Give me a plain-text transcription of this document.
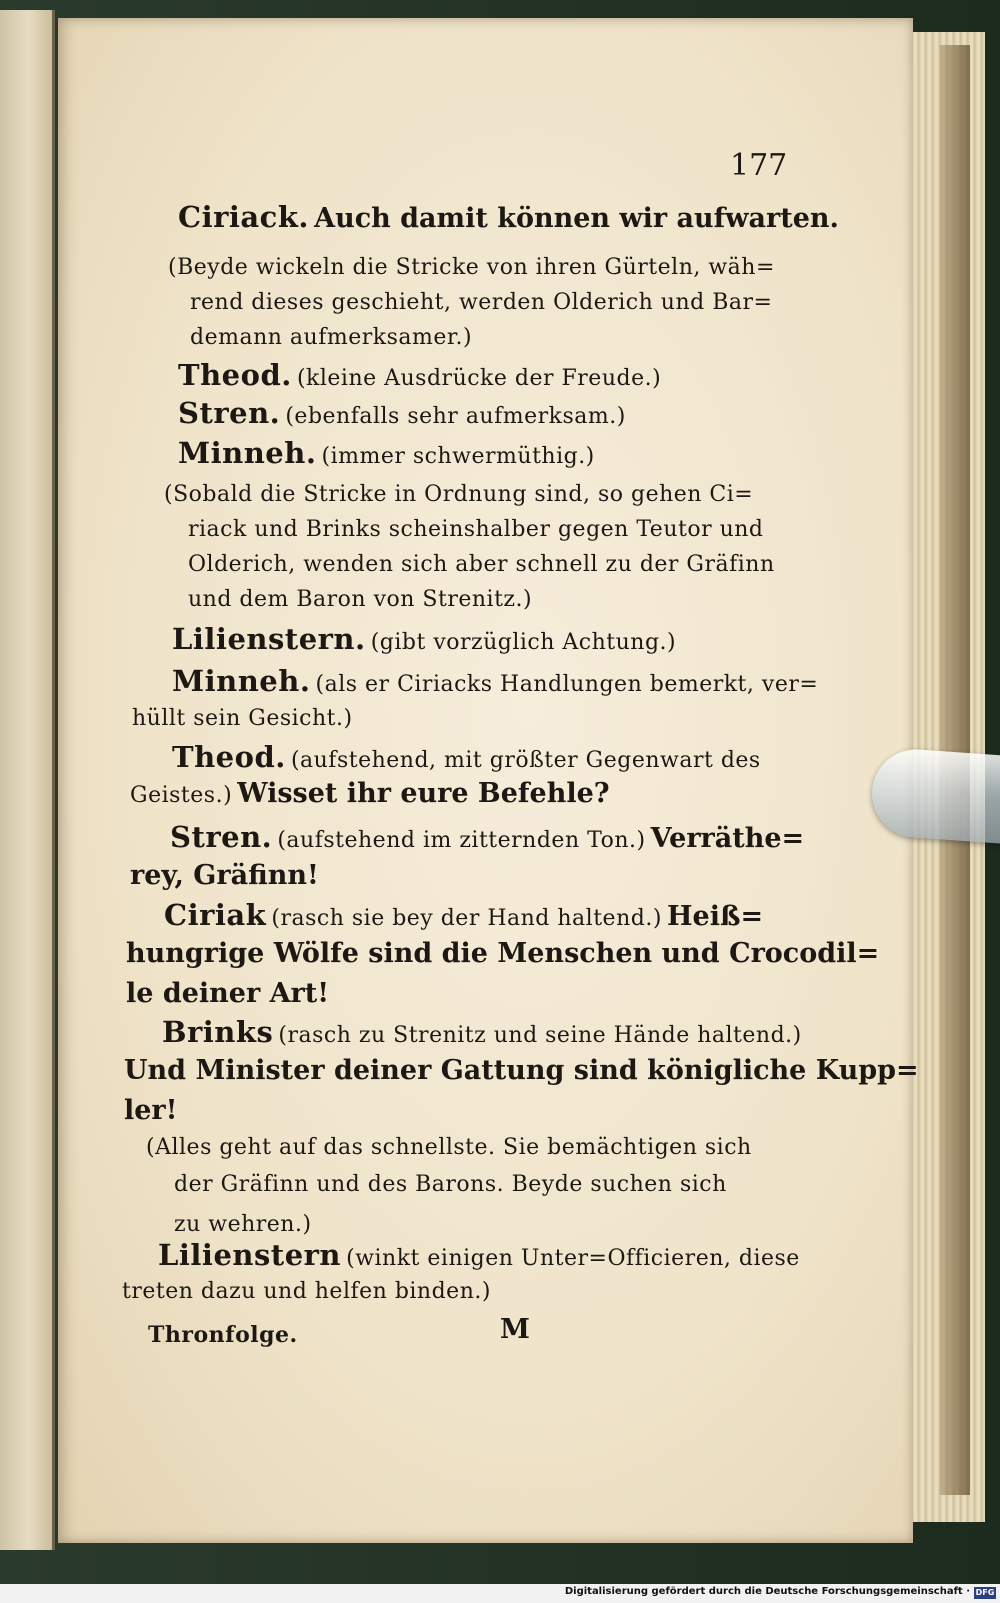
177
Ciriack. Auch damit können wir aufwarten.
(Beyde wickeln die Stricke von ihren Gürteln, wäh=
rend dieses geschieht, werden Olderich und Bar=
demann aufmerksamer.)
Theod. (kleine Ausdrücke der Freude.)
Stren. (ebenfalls sehr aufmerksam.)
Minneh. (immer schwermüthig.)
(Sobald die Stricke in Ordnung sind, so gehen Ci=
riack und Brinks scheinshalber gegen Teutor und
Olderich, wenden sich aber schnell zu der Gräfinn
und dem Baron von Strenitz.)
Lilienstern. (gibt vorzüglich Achtung.)
Minneh. (als er Ciriacks Handlungen bemerkt, ver=
hüllt sein Gesicht.)
Theod. (aufstehend, mit größter Gegenwart des
Geistes.) Wisset ihr eure Befehle?
Stren. (aufstehend im zitternden Ton.) Verräthe=
rey, Gräfinn!
Ciriak (rasch sie bey der Hand haltend.) Heiß=
hungrige Wölfe sind die Menschen und Crocodil=
le deiner Art!
Brinks (rasch zu Strenitz und seine Hände haltend.)
Und Minister deiner Gattung sind königliche Kupp=
ler!
(Alles geht auf das schnellste. Sie bemächtigen sich
der Gräfinn und des Barons. Beyde suchen sich
zu wehren.)
Lilienstern (winkt einigen Unter=Officieren, diese
treten dazu und helfen binden.)
Thronfolge.	M
Digitalisierung gefördert durch die Deutsche Forschungsgemeinschaft · DFG
